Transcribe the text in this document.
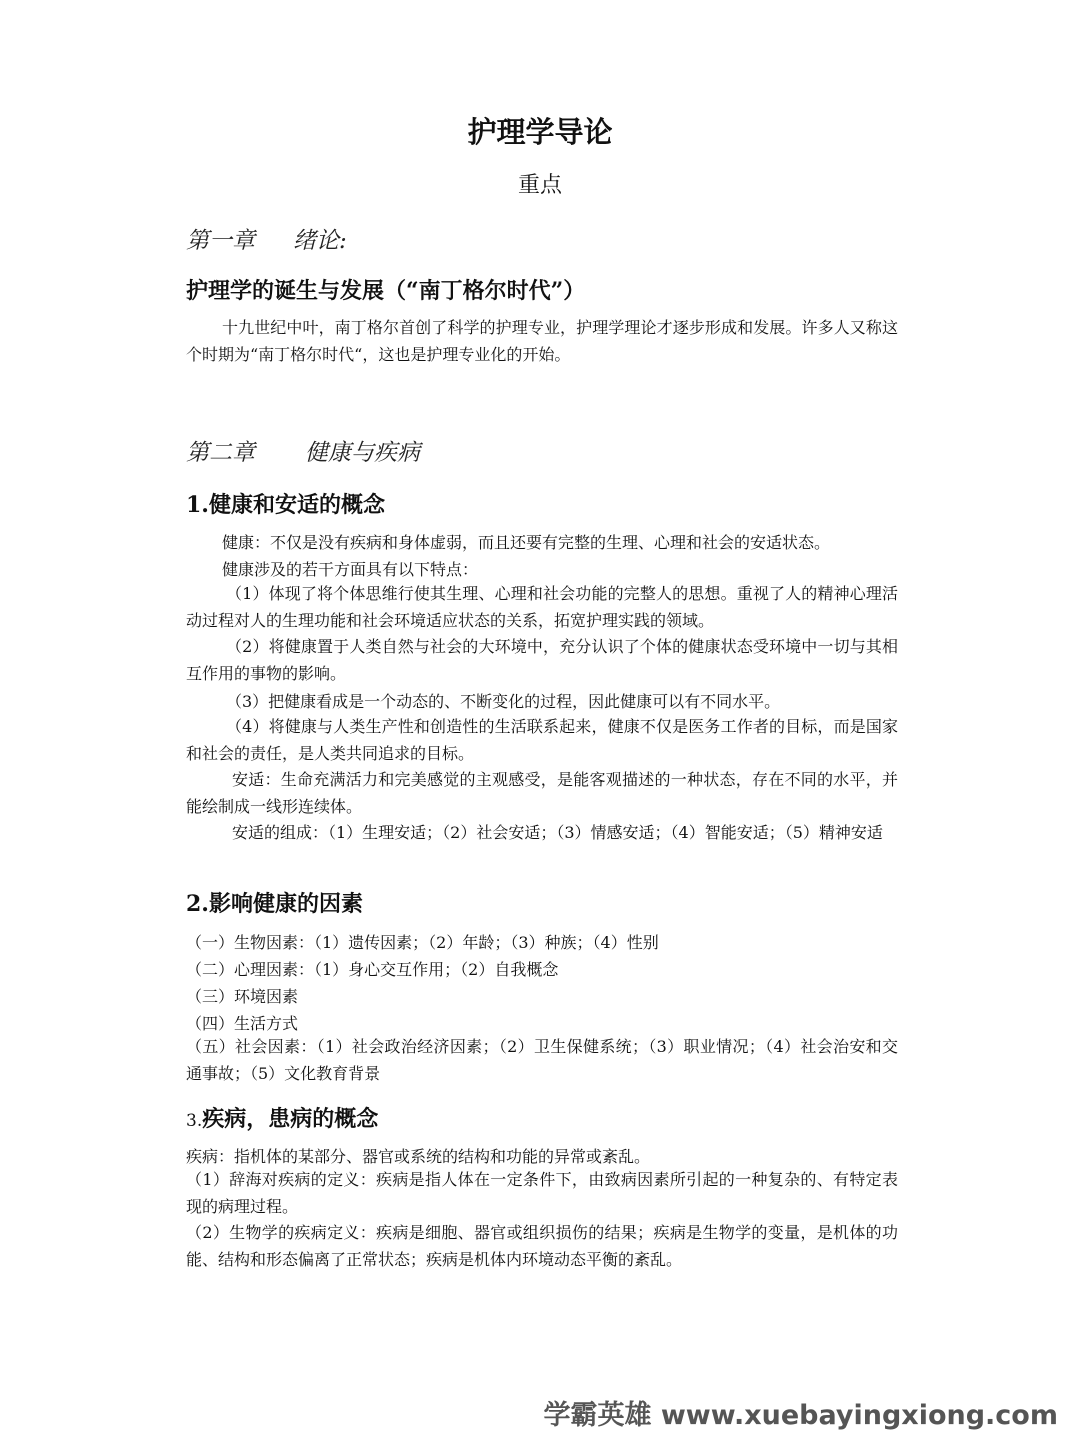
护理学导论
重点
第一章 绪论:
护理学的诞生与发展（“南丁格尔时代”）

十九世纪中叶，南丁格尔首创了科学的护理专业，护理学理论才逐步形成和发展。许多人又称这个时期为“南丁格尔时代“，这也是护理专业化的开始。

第二章 健康与疾病
1.健康和安适的概念

健康：不仅是没有疾病和身体虚弱，而且还要有完整的生理、心理和社会的安适状态。

健康涉及的若干方面具有以下特点：

（1）体现了将个体思维行使其生理、心理和社会功能的完整人的思想。重视了人的精神心理活动过程对人的生理功能和社会环境适应状态的关系，拓宽护理实践的领域。

（2）将健康置于人类自然与社会的大环境中，充分认识了个体的健康状态受环境中一切与其相互作用的事物的影响。

（3）把健康看成是一个动态的、不断变化的过程，因此健康可以有不同水平。

（4）将健康与人类生产性和创造性的生活联系起来，健康不仅是医务工作者的目标，而是国家和社会的责任，是人类共同追求的目标。

安适：生命充满活力和完美感觉的主观感受，是能客观描述的一种状态，存在不同的水平，并能绘制成一线形连续体。

安适的组成：（1）生理安适；（2）社会安适；（3）情感安适；（4）智能安适；（5）精神安适

2.影响健康的因素

（一）生物因素：（1）遗传因素；（2）年龄；（3）种族；（4）性别

（二）心理因素：（1）身心交互作用；（2）自我概念

（三）环境因素

（四）生活方式

（五）社会因素：（1）社会政治经济因素；（2）卫生保健系统；（3）职业情况；（4）社会治安和交通事故；（5）文化教育背景

3.疾病，患病的概念

疾病：指机体的某部分、器官或系统的结构和功能的异常或紊乱。

（1）辞海对疾病的定义：疾病是指人体在一定条件下，由致病因素所引起的一种复杂的、有特定表现的病理过程。

（2）生物学的疾病定义：疾病是细胞、器官或组织损伤的结果；疾病是生物学的变量，是机体的功能、结构和形态偏离了正常状态；疾病是机体内环境动态平衡的紊乱。

学霸英雄 www.xuebayingxiong.com
